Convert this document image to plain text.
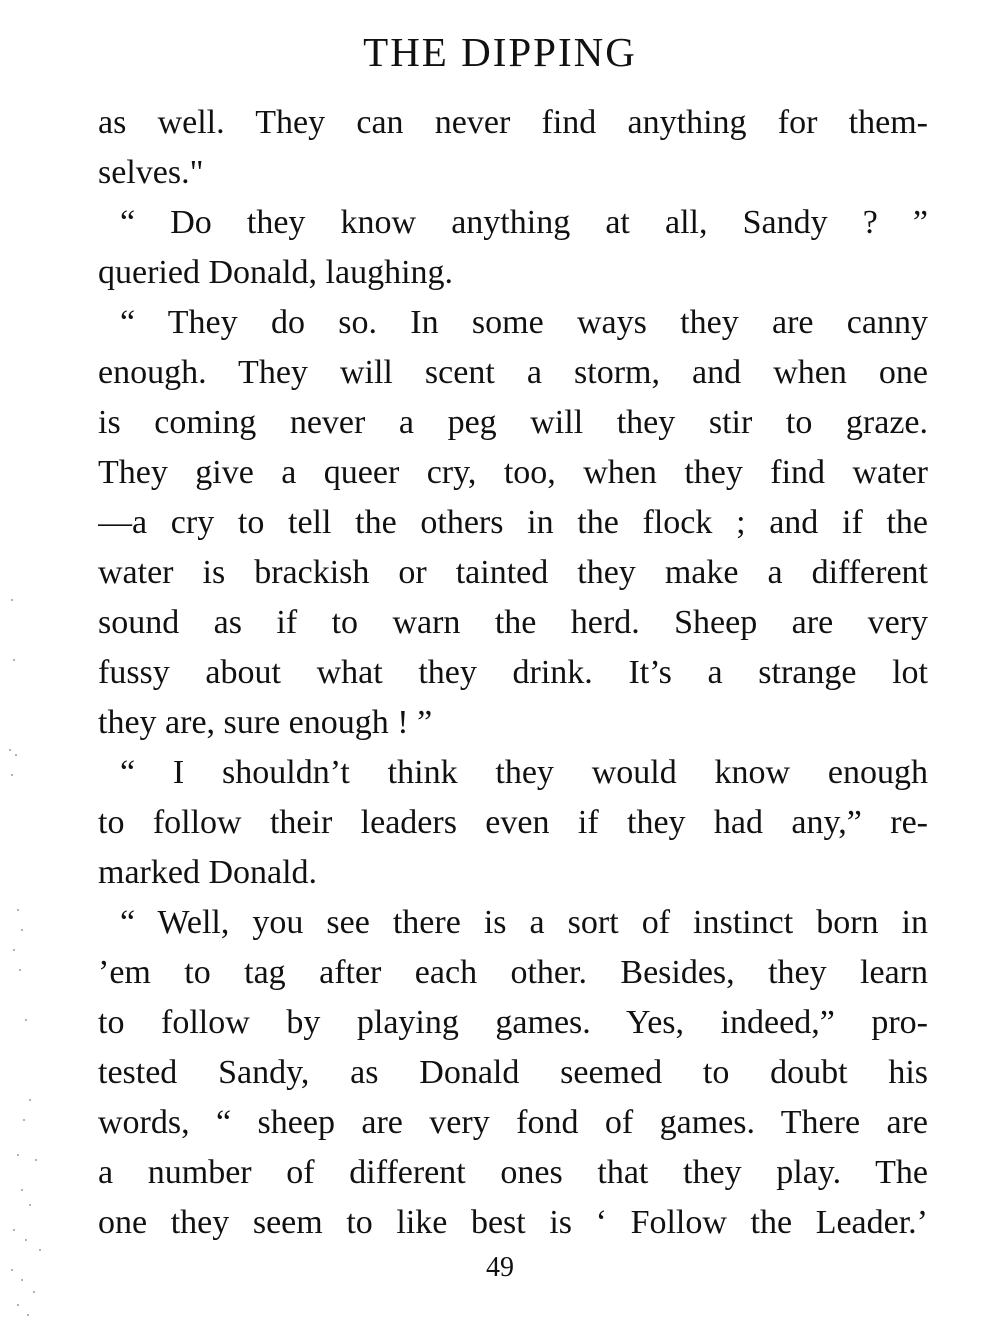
THE DIPPING
as well. They can never find anything for them-
selves."
“ Do they know anything at all, Sandy ? ”
queried Donald, laughing.
“ They do so. In some ways they are canny
enough. They will scent a storm, and when one
is coming never a peg will they stir to graze.
They give a queer cry, too, when they find water
—a cry to tell the others in the flock ; and if the
water is brackish or tainted they make a different
sound as if to warn the herd. Sheep are very
fussy about what they drink. It’s a strange lot
they are, sure enough ! ”
“ I shouldn’t think they would know enough
to follow their leaders even if they had any,” re-
marked Donald.
“ Well, you see there is a sort of instinct born in
’em to tag after each other. Besides, they learn
to follow by playing games. Yes, indeed,” pro-
tested Sandy, as Donald seemed to doubt his
words, “ sheep are very fond of games. There are
a number of different ones that they play. The
one they seem to like best is ‘ Follow the Leader.’
49
